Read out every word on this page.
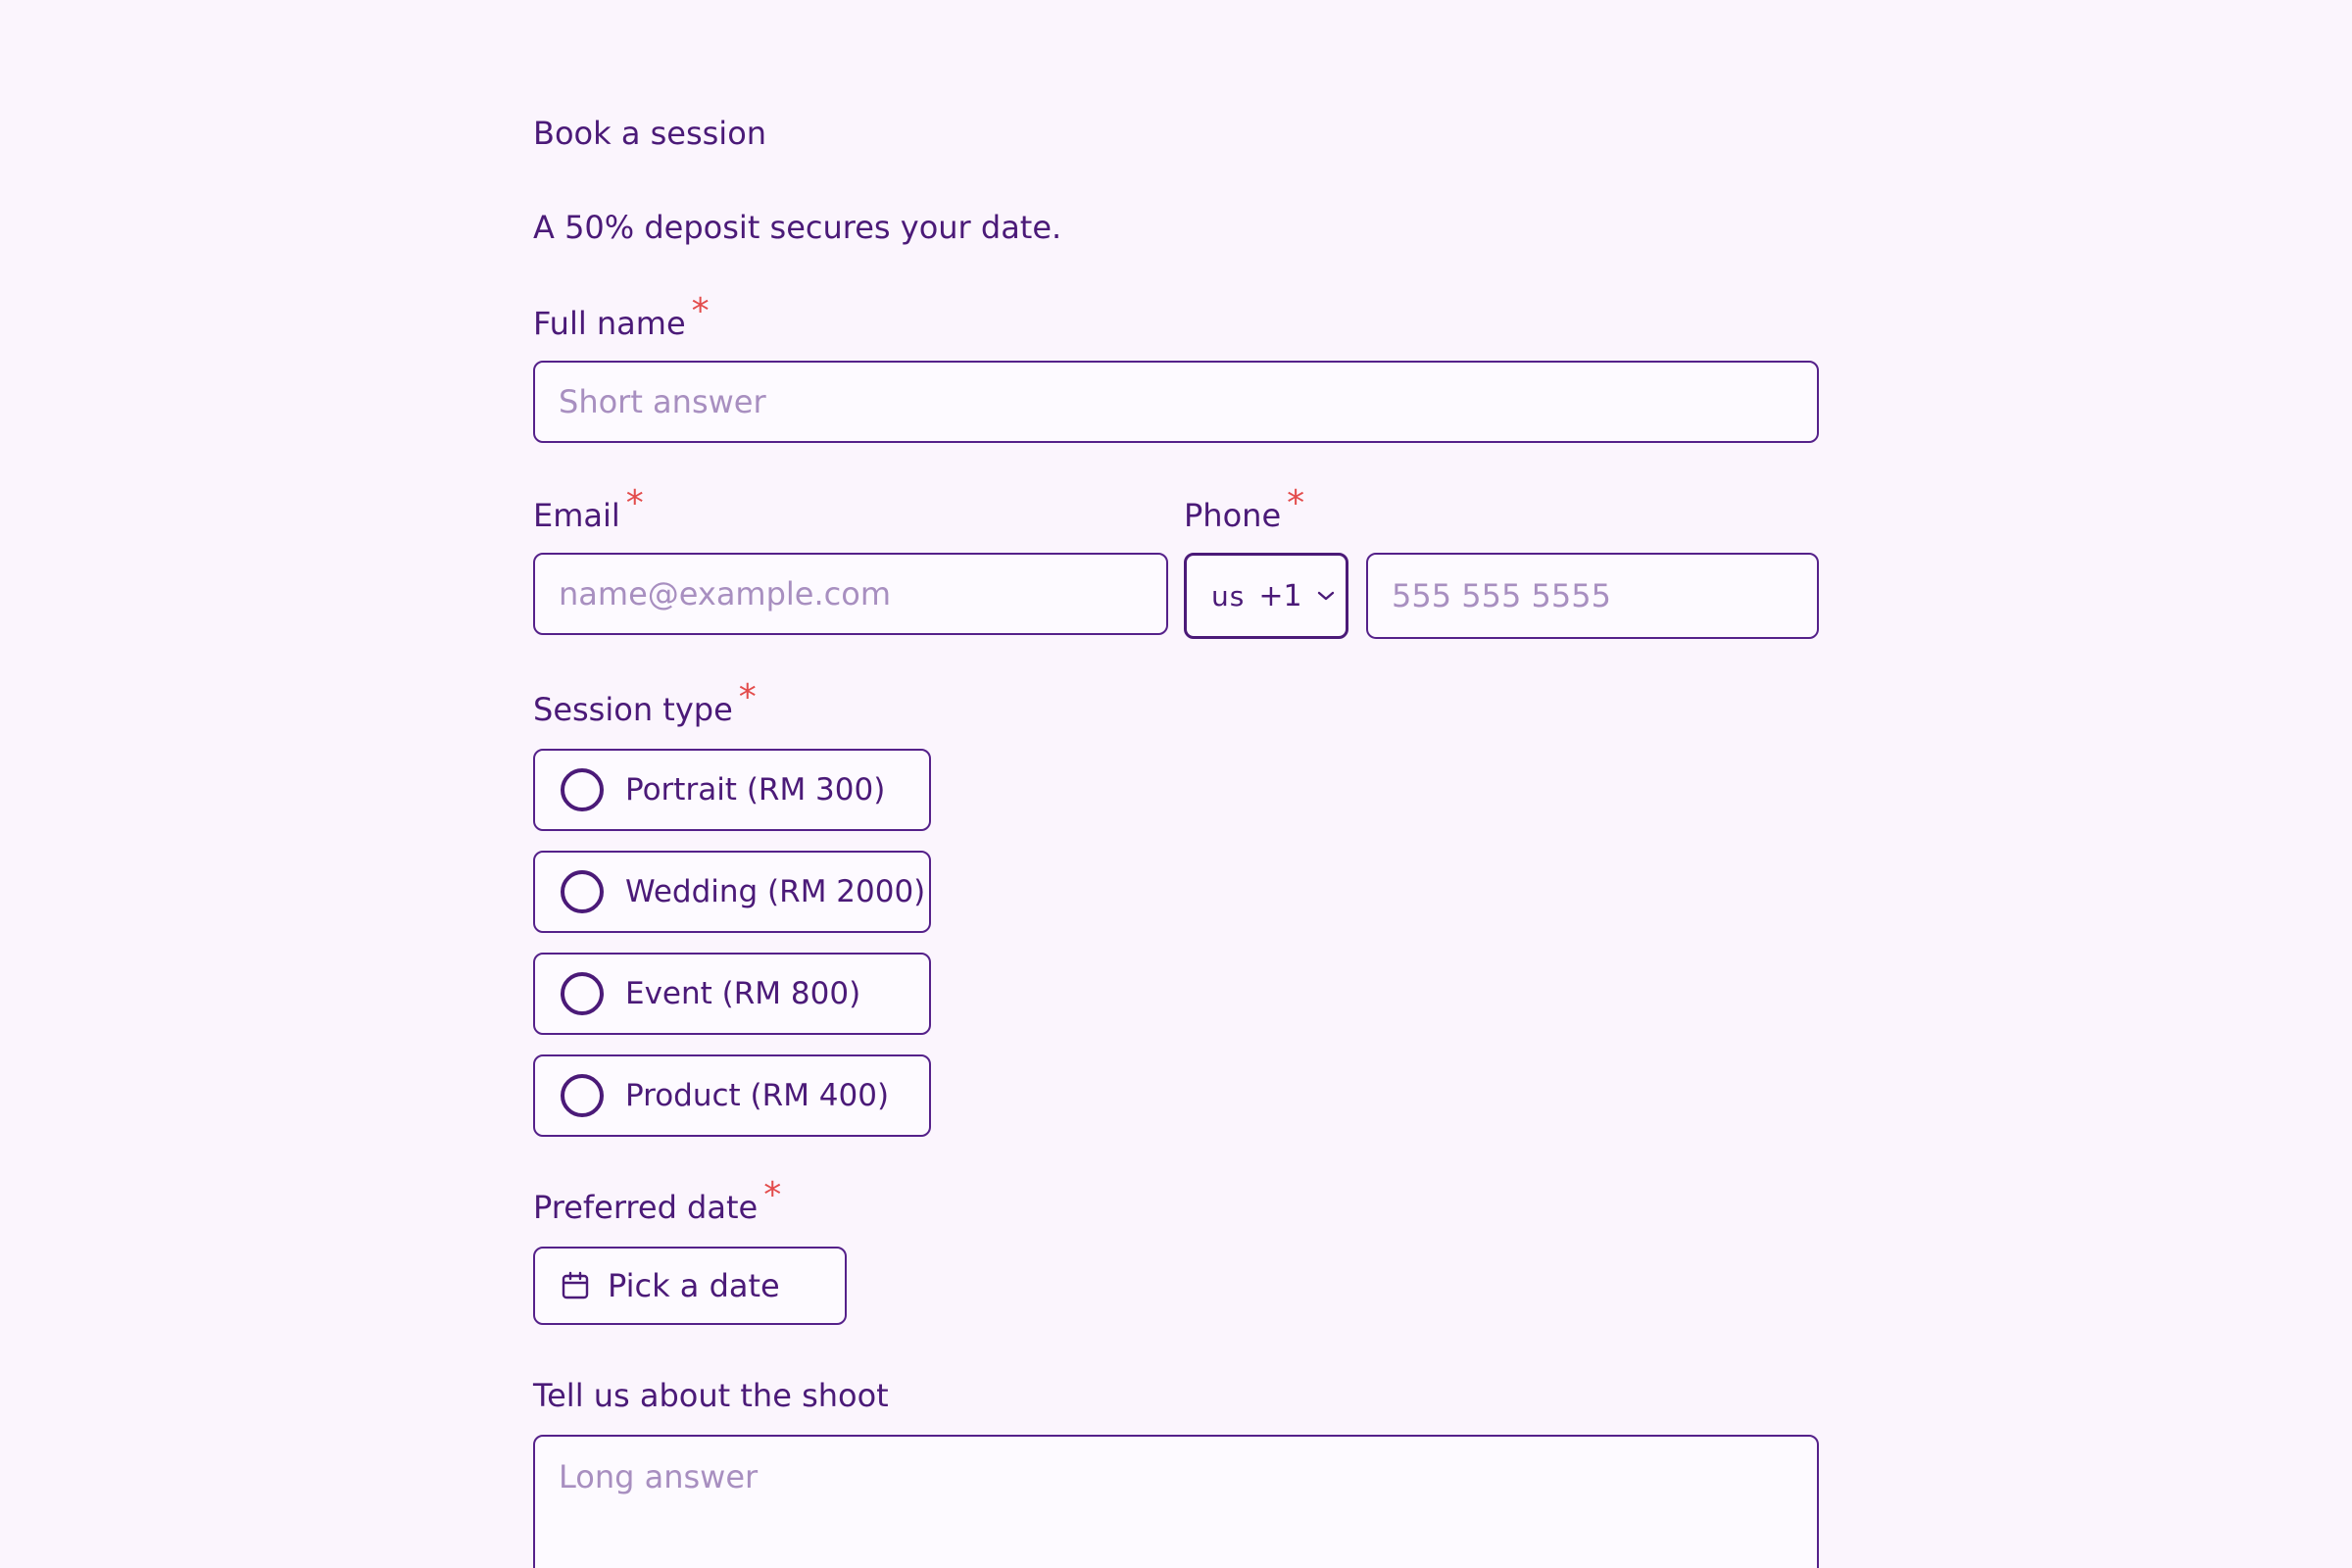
Book a session
A 50% deposit secures your date.
Full name *
Short answer
Email *
name@example.com	Phone *
us +1
555 555 5555
Session type *
Portrait (RM 300)
Wedding (RM 2000)
Event (RM 800)
Product (RM 400)
Preferred date *
Pick a date
Tell us about the shoot
Long answer
